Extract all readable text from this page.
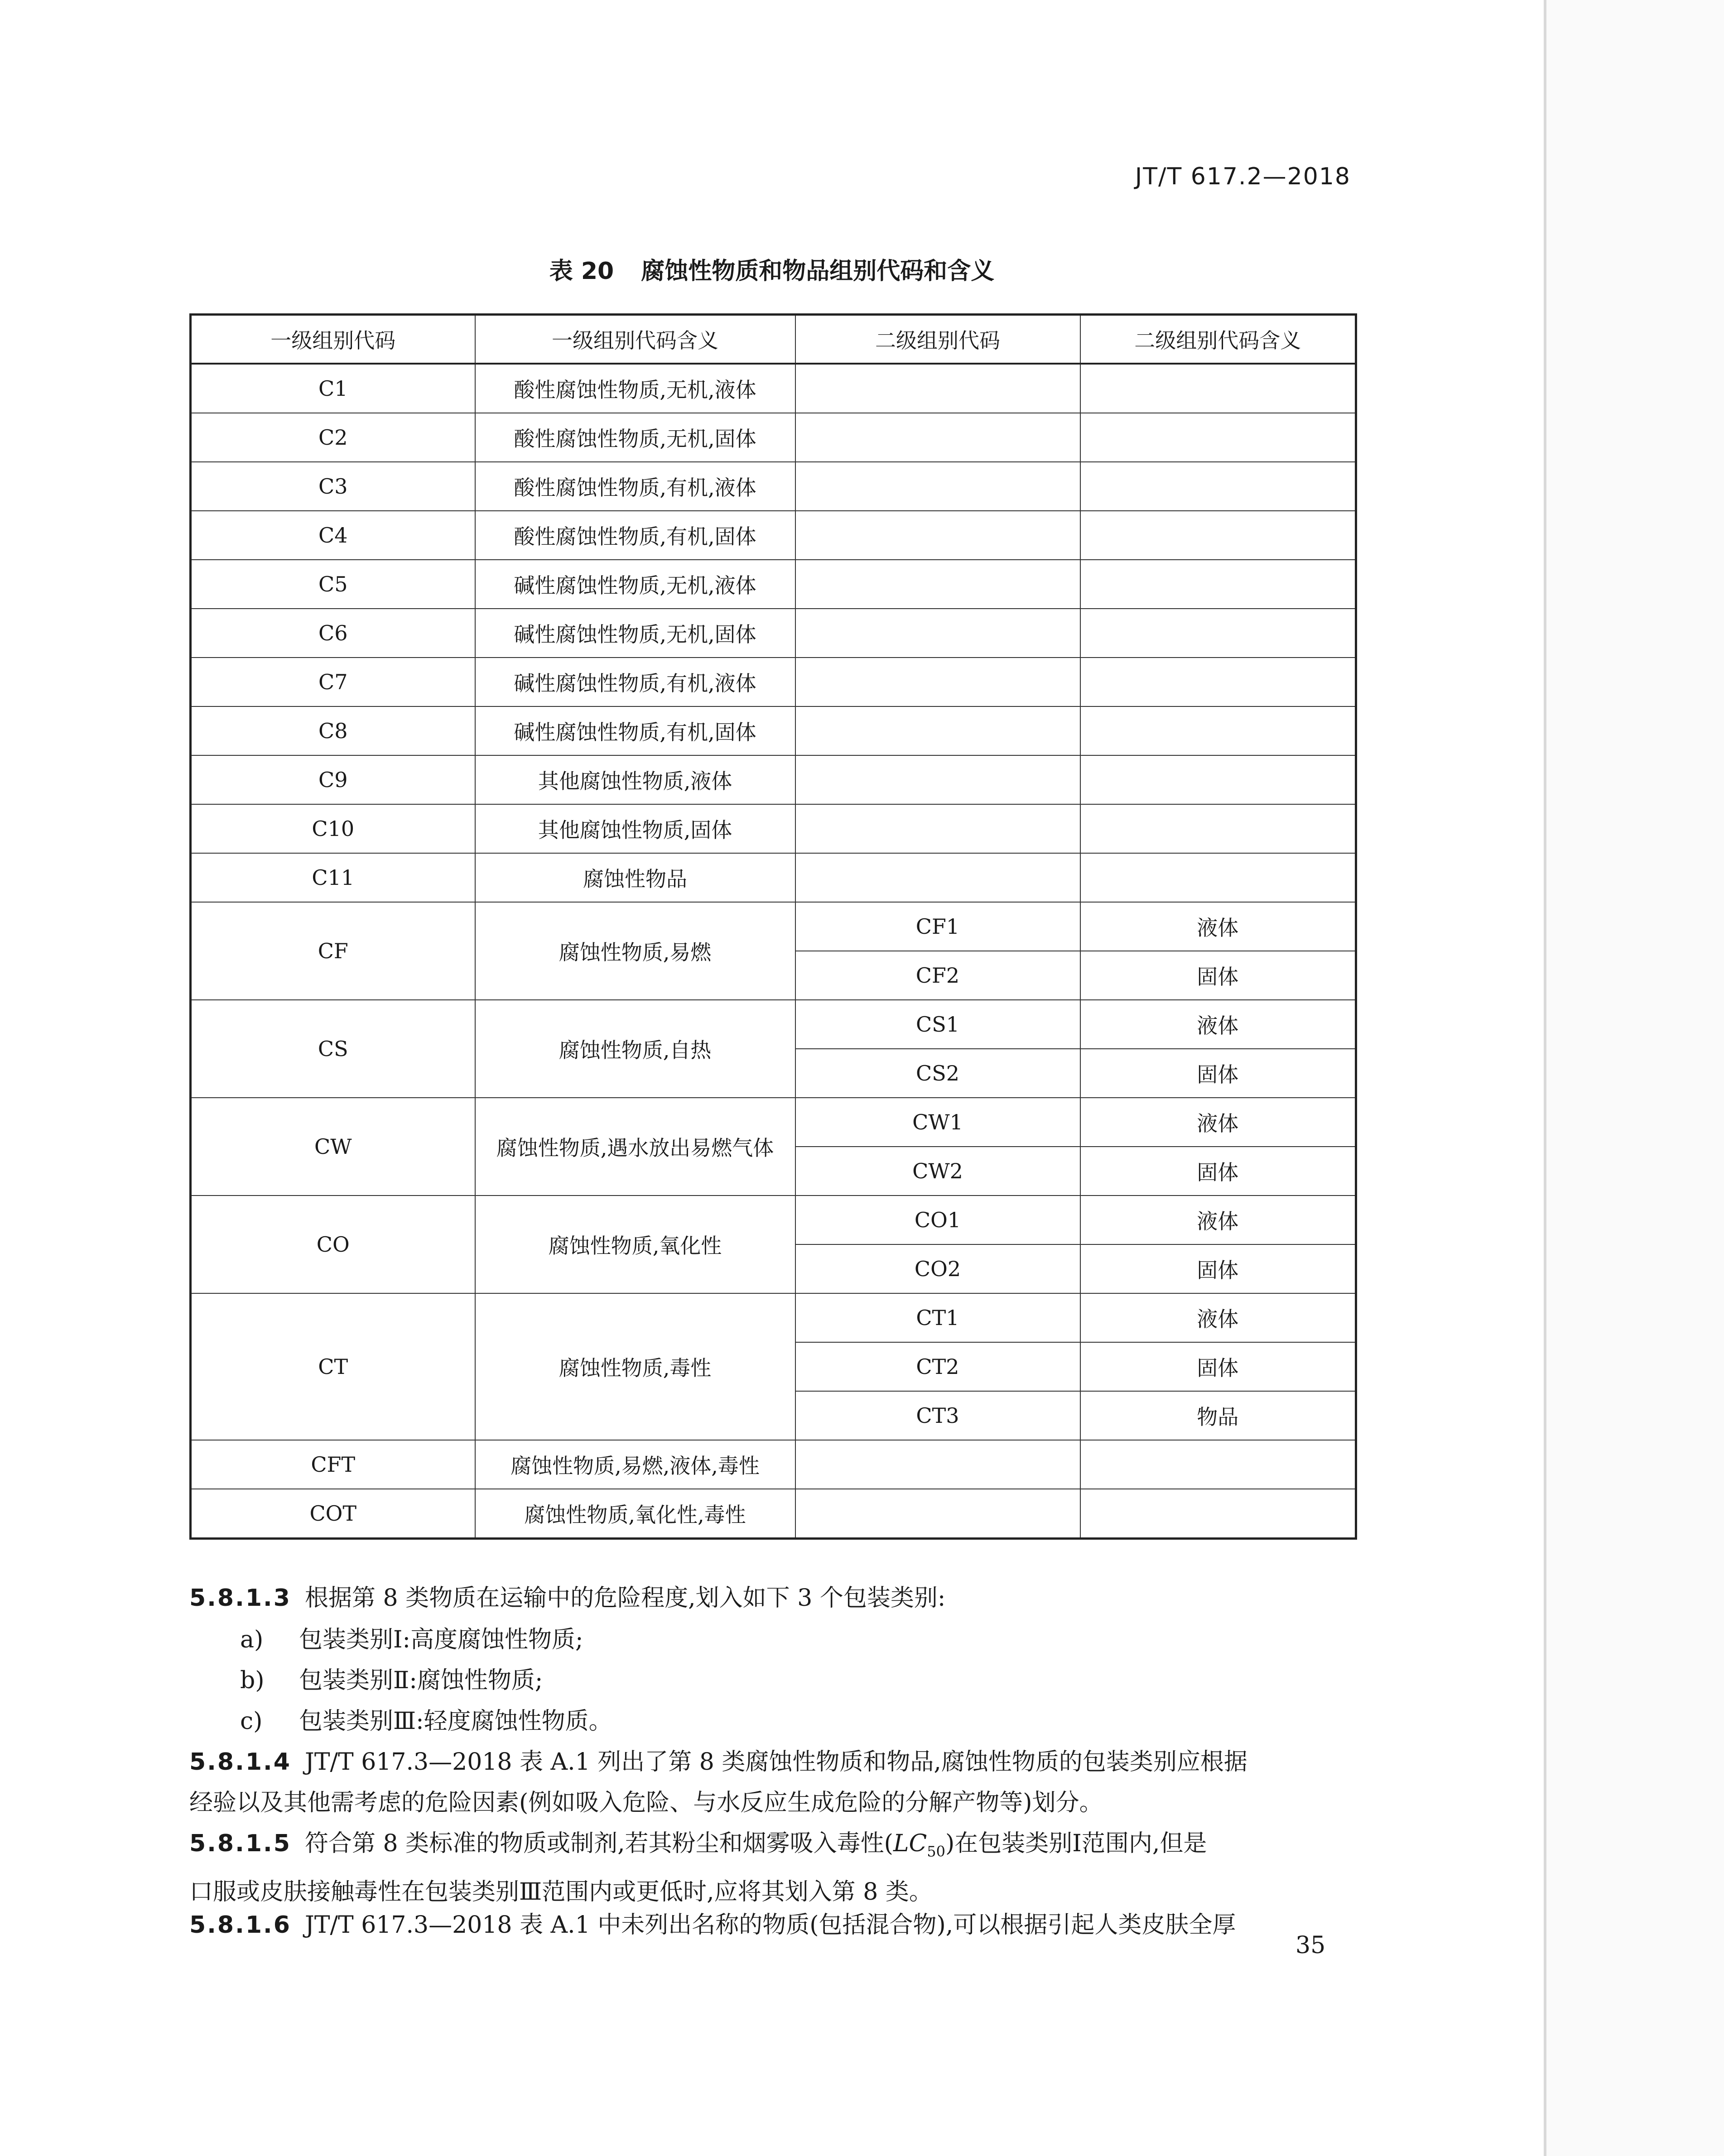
JT/T 617.2—2018
表 20 腐蚀性物质和物品组别代码和含义
一级组别代码	一级组别代码含义	二级组别代码	二级组别代码含义
C1	酸性腐蚀性物质,无机,液体		
C2	酸性腐蚀性物质,无机,固体		
C3	酸性腐蚀性物质,有机,液体		
C4	酸性腐蚀性物质,有机,固体		
C5	碱性腐蚀性物质,无机,液体		
C6	碱性腐蚀性物质,无机,固体		
C7	碱性腐蚀性物质,有机,液体		
C8	碱性腐蚀性物质,有机,固体		
C9	其他腐蚀性物质,液体		
C10	其他腐蚀性物质,固体		
C11	腐蚀性物品		
CF	腐蚀性物质,易燃	CF1	液体
		CF2	固体
CS	腐蚀性物质,自热	CS1	液体
		CS2	固体
CW	腐蚀性物质,遇水放出易燃气体	CW1	液体
		CW2	固体
CO	腐蚀性物质,氧化性	CO1	液体
		CO2	固体
CT	腐蚀性物质,毒性	CT1	液体
		CT2	固体
		CT3	物品
CFT	腐蚀性物质,易燃,液体,毒性		
COT	腐蚀性物质,氧化性,毒性		
5.8.1.3 根据第 8 类物质在运输中的危险程度,划入如下 3 个包装类别:
a) 包装类别Ⅰ:高度腐蚀性物质;
b) 包装类别Ⅱ:腐蚀性物质;
c) 包装类别Ⅲ:轻度腐蚀性物质。
5.8.1.4 JT/T 617.3—2018 表 A.1 列出了第 8 类腐蚀性物质和物品,腐蚀性物质的包装类别应根据
经验以及其他需考虑的危险因素(例如吸入危险、与水反应生成危险的分解产物等)划分。
5.8.1.5 符合第 8 类标准的物质或制剂,若其粉尘和烟雾吸入毒性$(LC_{50})$在包装类别Ⅰ范围内,但是
口服或皮肤接触毒性在包装类别Ⅲ范围内或更低时,应将其划入第 8 类。
5.8.1.6 JT/T 617.3—2018 表 A.1 中未列出名称的物质(包括混合物),可以根据引起人类皮肤全厚
35
